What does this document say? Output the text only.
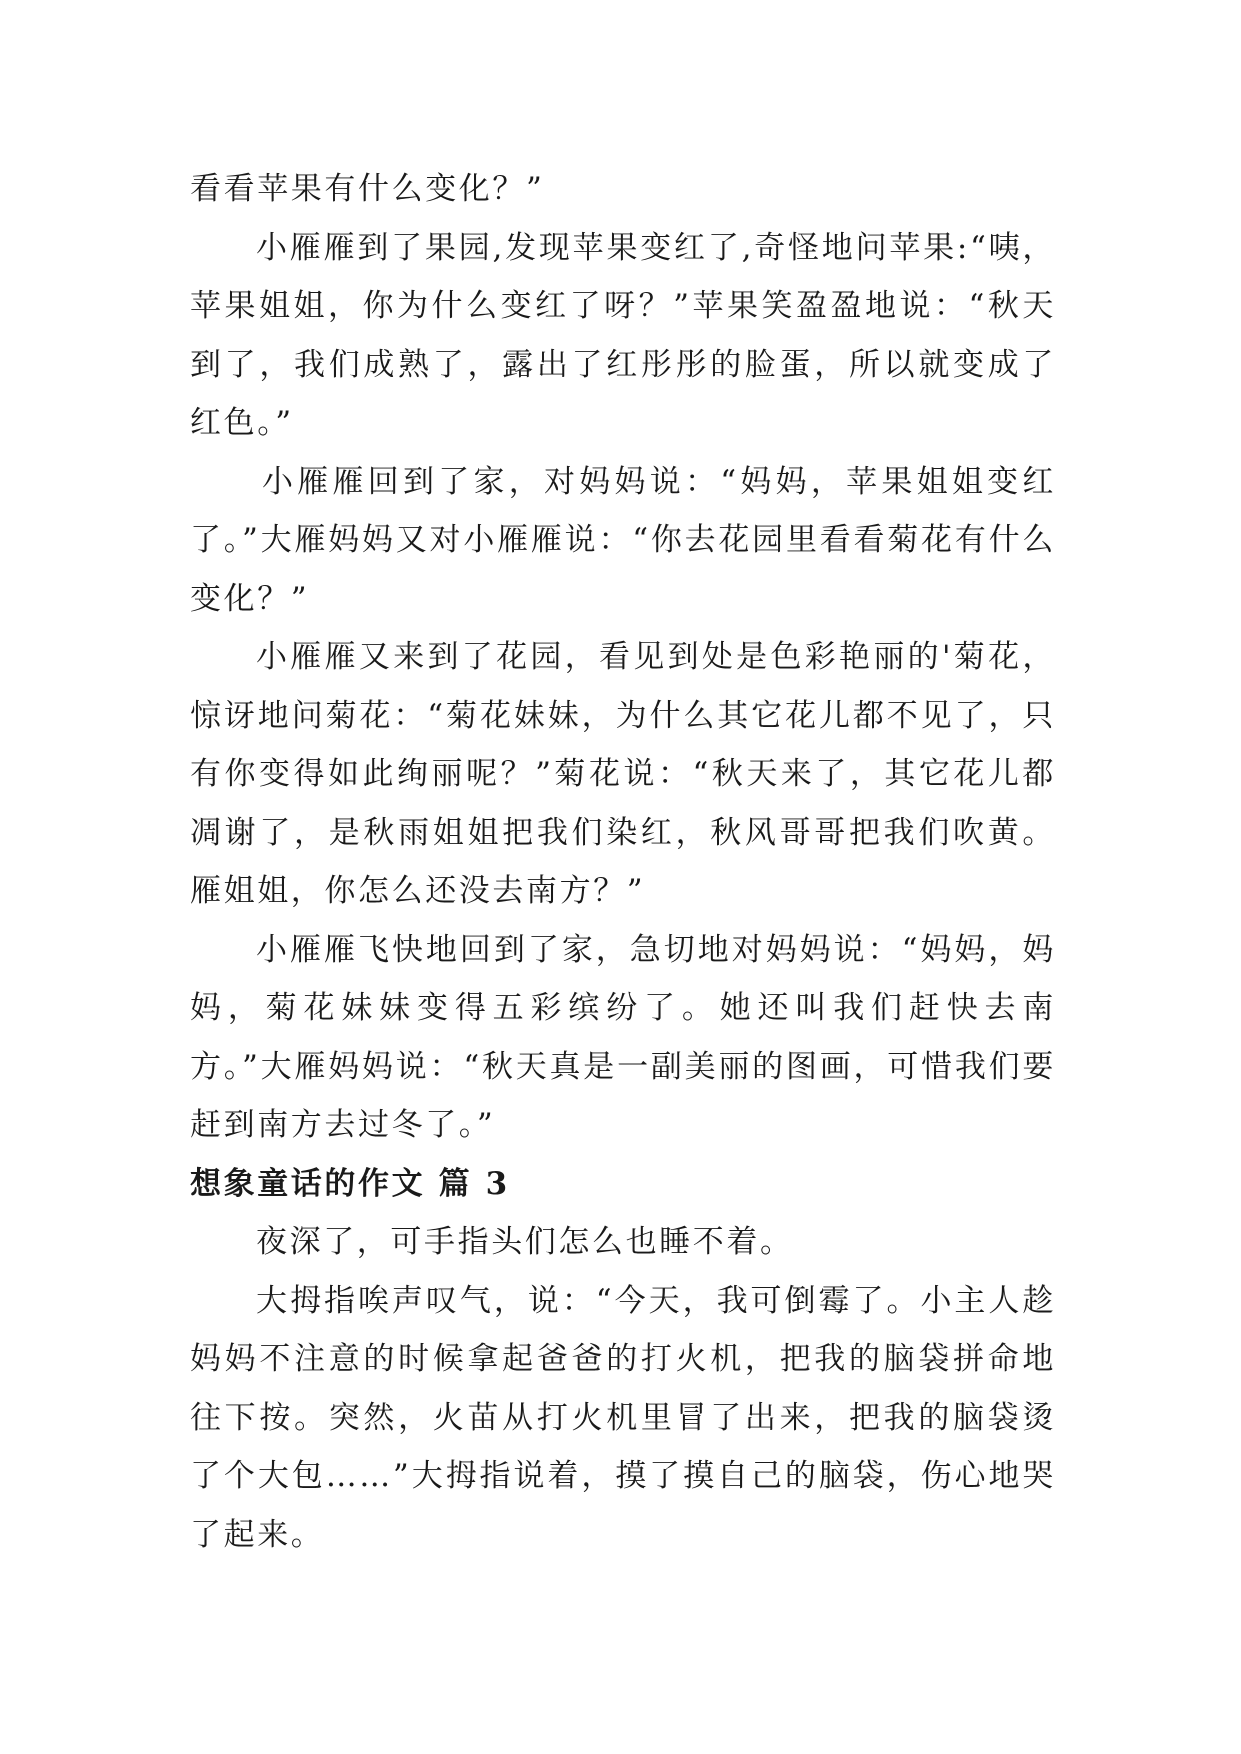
看看苹果有什么变化？”

小雁雁到了果园,发现苹果变红了,奇怪地问苹果:“咦，苹果姐姐，你为什么变红了呀？”苹果笑盈盈地说：“秋天到了，我们成熟了，露出了红彤彤的脸蛋，所以就变成了红色。”

小雁雁回到了家，对妈妈说：“妈妈，苹果姐姐变红了。”大雁妈妈又对小雁雁说：“你去花园里看看菊花有什么变化？”

小雁雁又来到了花园，看见到处是色彩艳丽的'菊花，惊讶地问菊花：“菊花妹妹，为什么其它花儿都不见了，只有你变得如此绚丽呢？”菊花说：“秋天来了，其它花儿都凋谢了，是秋雨姐姐把我们染红，秋风哥哥把我们吹黄。雁姐姐，你怎么还没去南方？”

小雁雁飞快地回到了家，急切地对妈妈说：“妈妈，妈妈，菊花妹妹变得五彩缤纷了。她还叫我们赶快去南方。”大雁妈妈说：“秋天真是一副美丽的图画，可惜我们要赶到南方去过冬了。”

想象童话的作文 篇 3

夜深了，可手指头们怎么也睡不着。

大拇指唉声叹气，说：“今天，我可倒霉了。小主人趁妈妈不注意的时候拿起爸爸的打火机，把我的脑袋拼命地往下按。突然，火苗从打火机里冒了出来，把我的脑袋烫了个大包……”大拇指说着，摸了摸自己的脑袋，伤心地哭了起来。
